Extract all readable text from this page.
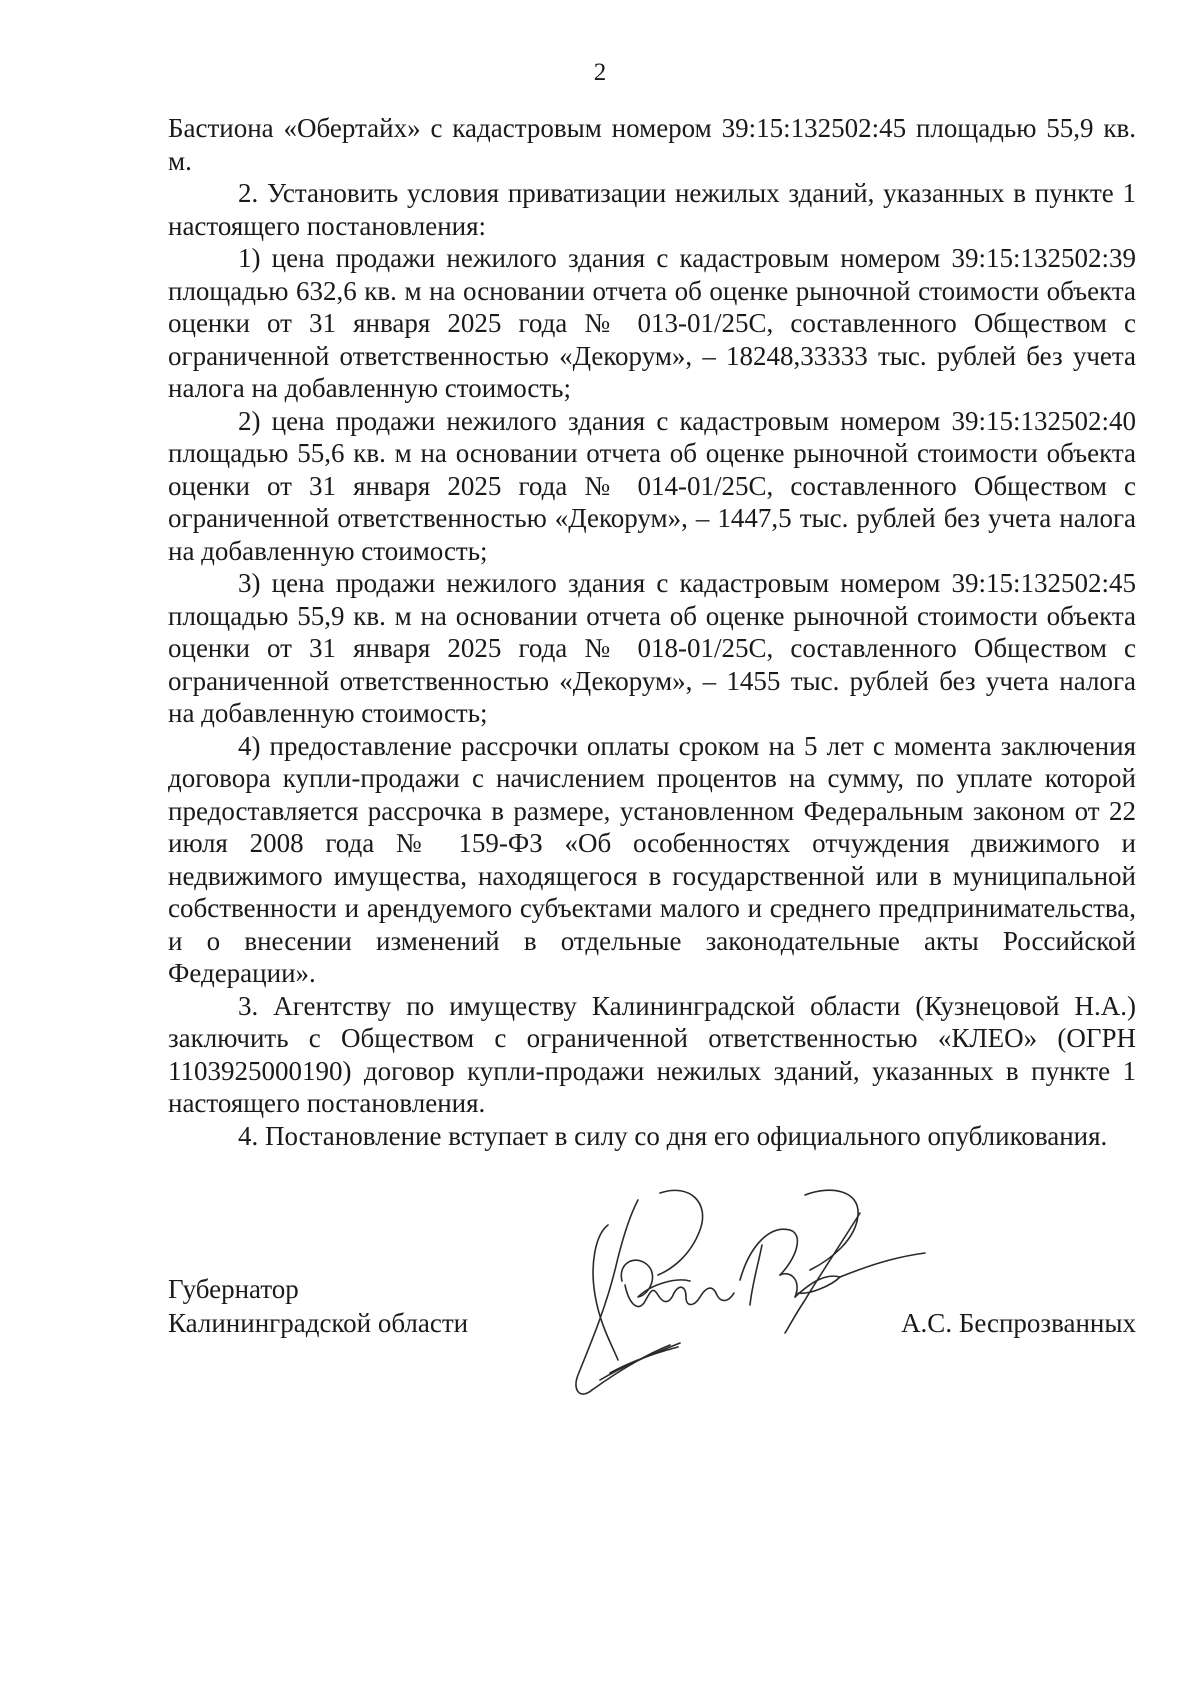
2

Бастиона «Обертайх» с кадастровым номером 39:15:132502:45 площадью 55,9 кв. м.

2. Установить условия приватизации нежилых зданий, указанных в пункте 1 настоящего постановления:

1) цена продажи нежилого здания с кадастровым номером 39:15:132502:39 площадью 632,6 кв. м на основании отчета об оценке рыночной стоимости объекта оценки от 31 января 2025 года № 013-01/25С, составленного Обществом с ограниченной ответственностью «Декорум», – 18248,33333 тыс. рублей без учета налога на добавленную стоимость;

2) цена продажи нежилого здания с кадастровым номером 39:15:132502:40 площадью 55,6 кв. м на основании отчета об оценке рыночной стоимости объекта оценки от 31 января 2025 года № 014-01/25С, составленного Обществом с ограниченной ответственностью «Декорум», – 1447,5 тыс. рублей без учета налога на добавленную стоимость;

3) цена продажи нежилого здания с кадастровым номером 39:15:132502:45 площадью 55,9 кв. м на основании отчета об оценке рыночной стоимости объекта оценки от 31 января 2025 года № 018-01/25С, составленного Обществом с ограниченной ответственностью «Декорум», – 1455 тыс. рублей без учета налога на добавленную стоимость;

4) предоставление рассрочки оплаты сроком на 5 лет с момента заключения договора купли-продажи с начислением процентов на сумму, по уплате которой предоставляется рассрочка в размере, установленном Федеральным законом от 22 июля 2008 года № 159-ФЗ «Об особенностях отчуждения движимого и недвижимого имущества, находящегося в государственной или в муниципальной собственности и арендуемого субъектами малого и среднего предпринимательства, и о внесении изменений в отдельные законодательные акты Российской Федерации».

3. Агентству по имуществу Калининградской области (Кузнецовой Н.А.) заключить с Обществом с ограниченной ответственностью «КЛЕО» (ОГРН 1103925000190) договор купли-продажи нежилых зданий, указанных в пункте 1 настоящего постановления.

4. Постановление вступает в силу со дня его официального опубликования.

Губернатор
Калининградской области	А.С. Беспрозванных
